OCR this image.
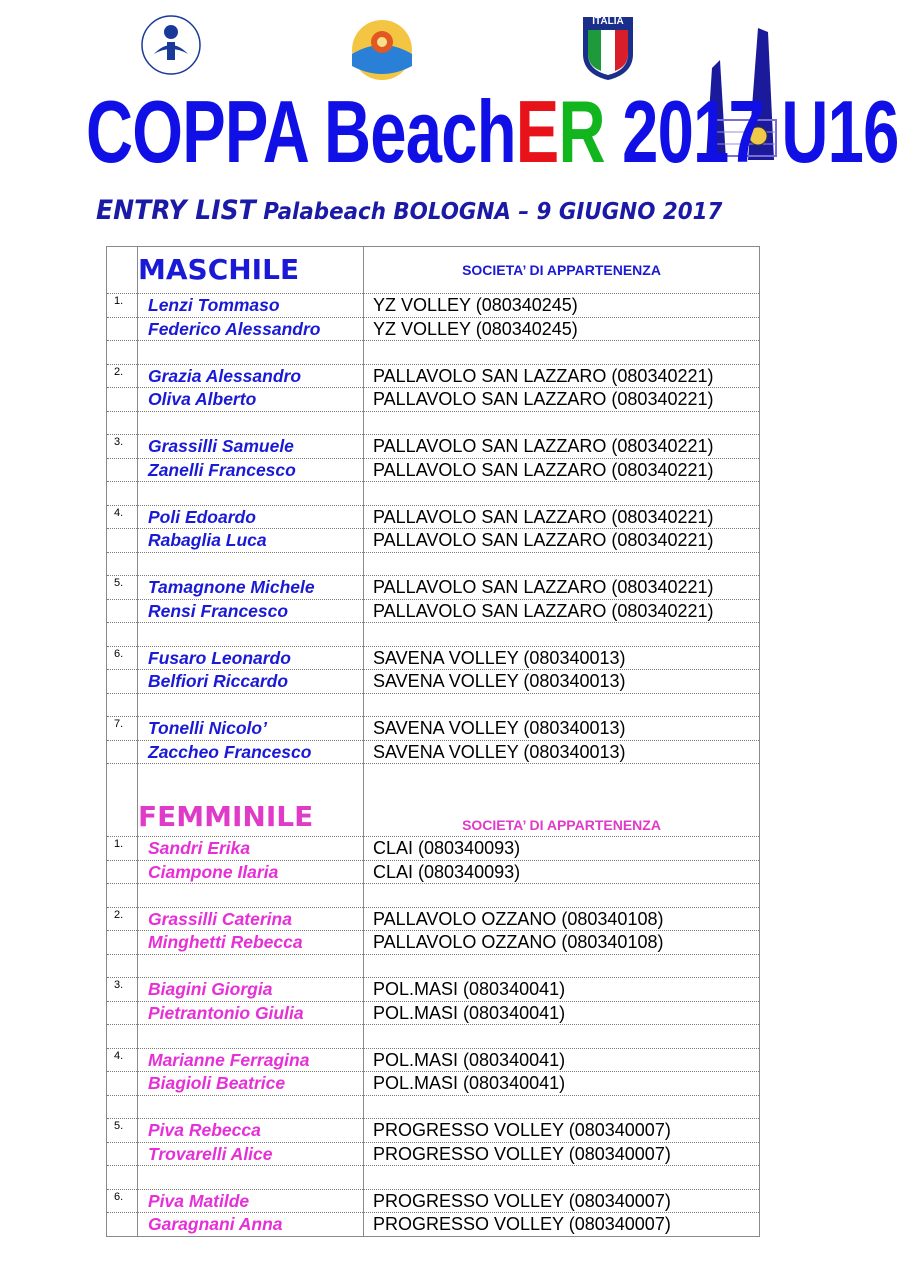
ITALIA
COPPA BeachER 2017 U16
ENTRY LIST Palabeach BOLOGNA – 9 GIUGNO 2017
	MASCHILE	SOCIETA’ DI APPARTENENZA
1.	Lenzi Tommaso	YZ VOLLEY (080340245)
	Federico Alessandro	YZ VOLLEY (080340245)

2.	Grazia Alessandro	PALLAVOLO SAN LAZZARO (080340221)
	Oliva Alberto	PALLAVOLO SAN LAZZARO (080340221)

3.	Grassilli Samuele	PALLAVOLO SAN LAZZARO (080340221)
	Zanelli Francesco	PALLAVOLO SAN LAZZARO (080340221)

4.	Poli Edoardo	PALLAVOLO SAN LAZZARO (080340221)
	Rabaglia Luca	PALLAVOLO SAN LAZZARO (080340221)

5.	Tamagnone Michele	PALLAVOLO SAN LAZZARO (080340221)
	Rensi Francesco	PALLAVOLO SAN LAZZARO (080340221)

6.	Fusaro Leonardo	SAVENA VOLLEY (080340013)
	Belfiori Riccardo	SAVENA VOLLEY (080340013)

7.	Tonelli Nicolo’	SAVENA VOLLEY (080340013)
	Zaccheo Francesco	SAVENA VOLLEY (080340013)
	FEMMINILE	SOCIETA’ DI APPARTENENZA
1.	Sandri Erika	CLAI (080340093)
	Ciampone Ilaria	CLAI (080340093)

2.	Grassilli Caterina	PALLAVOLO OZZANO (080340108)
	Minghetti Rebecca	PALLAVOLO OZZANO (080340108)

3.	Biagini Giorgia	POL.MASI (080340041)
	Pietrantonio Giulia	POL.MASI (080340041)

4.	Marianne Ferragina	POL.MASI (080340041)
	Biagioli Beatrice	POL.MASI (080340041)

5.	Piva Rebecca	PROGRESSO VOLLEY (080340007)
	Trovarelli Alice	PROGRESSO VOLLEY (080340007)

6.	Piva Matilde	PROGRESSO VOLLEY (080340007)
	Garagnani Anna	PROGRESSO VOLLEY (080340007)
